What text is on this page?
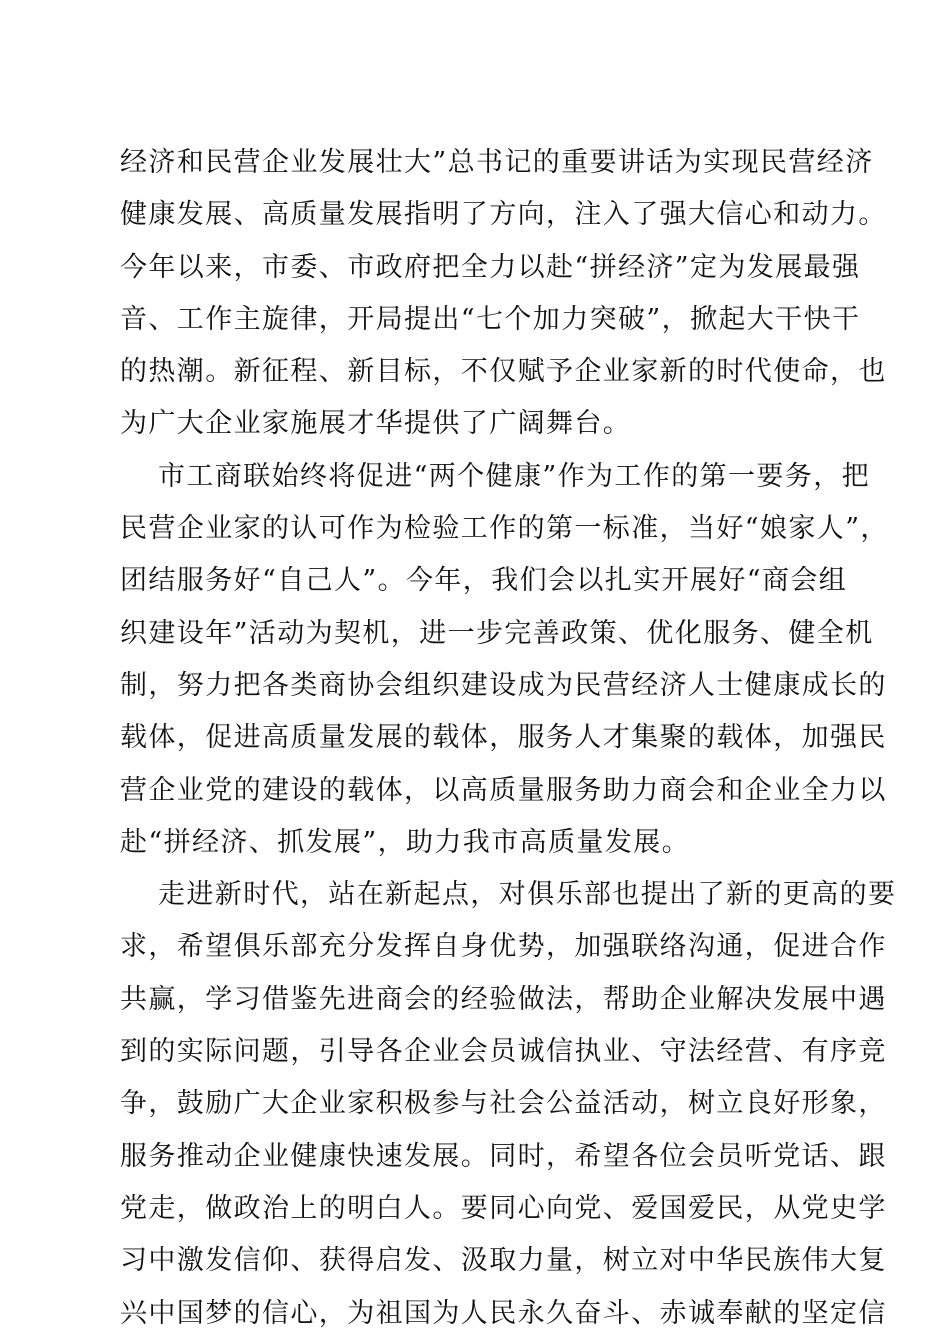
经济和民营企业发展壮大”总书记的重要讲话为实现民营经济
健康发展、高质量发展指明了方向，注入了强大信心和动力。
今年以来，市委、市政府把全力以赴“拼经济”定为发展最强
音、工作主旋律，开局提出“七个加力突破”，掀起大干快干
的热潮。新征程、新目标，不仅赋予企业家新的时代使命，也
为广大企业家施展才华提供了广阔舞台。
市工商联始终将促进“两个健康”作为工作的第一要务，把
民营企业家的认可作为检验工作的第一标准，当好“娘家人”，
团结服务好“自己人”。今年，我们会以扎实开展好“商会组
织建设年”活动为契机，进一步完善政策、优化服务、健全机
制，努力把各类商协会组织建设成为民营经济人士健康成长的
载体，促进高质量发展的载体，服务人才集聚的载体，加强民
营企业党的建设的载体，以高质量服务助力商会和企业全力以
赴“拼经济、抓发展”，助力我市高质量发展。
走进新时代，站在新起点，对俱乐部也提出了新的更高的要
求，希望俱乐部充分发挥自身优势，加强联络沟通，促进合作
共赢，学习借鉴先进商会的经验做法，帮助企业解决发展中遇
到的实际问题，引导各企业会员诚信执业、守法经营、有序竞
争，鼓励广大企业家积极参与社会公益活动，树立良好形象，
服务推动企业健康快速发展。同时，希望各位会员听党话、跟
党走，做政治上的明白人。要同心向党、爱国爱民，从党史学
习中激发信仰、获得启发、汲取力量，树立对中华民族伟大复
兴中国梦的信心，为祖国为人民永久奋斗、赤诚奉献的坚定信
